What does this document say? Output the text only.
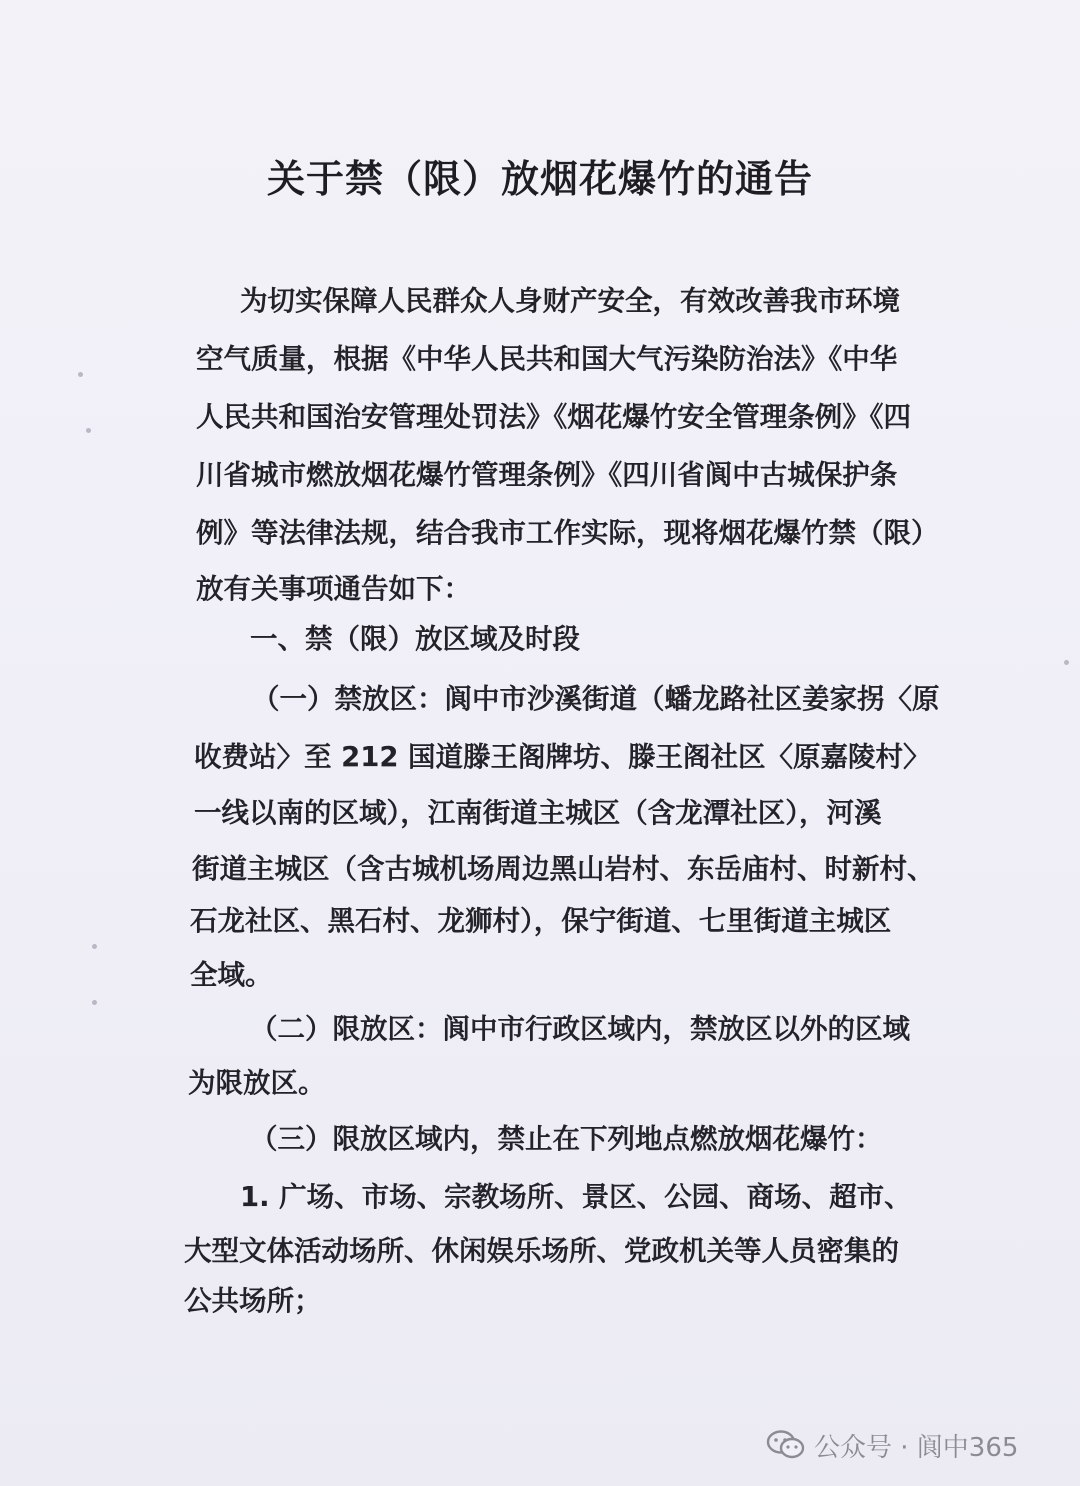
关于禁（限）放烟花爆竹的通告
为切实保障人民群众人身财产安全，有效改善我市环境
空气质量，根据《中华人民共和国大气污染防治法》《中华
人民共和国治安管理处罚法》《烟花爆竹安全管理条例》《四
川省城市燃放烟花爆竹管理条例》《四川省阆中古城保护条
例》等法律法规，结合我市工作实际，现将烟花爆竹禁（限）
放有关事项通告如下：
一、禁（限）放区域及时段
（一）禁放区：阆中市沙溪街道（蟠龙路社区姜家拐〈原
收费站〉至 212 国道滕王阁牌坊、滕王阁社区〈原嘉陵村〉
一线以南的区域），江南街道主城区（含龙潭社区），河溪
街道主城区（含古城机场周边黑山岩村、东岳庙村、时新村、
石龙社区、黑石村、龙狮村），保宁街道、七里街道主城区
全域。
（二）限放区：阆中市行政区域内，禁放区以外的区域
为限放区。
（三）限放区域内，禁止在下列地点燃放烟花爆竹：
1. 广场、市场、宗教场所、景区、公园、商场、超市、
大型文体活动场所、休闲娱乐场所、党政机关等人员密集的
公共场所；
公众号 · 阆中365
